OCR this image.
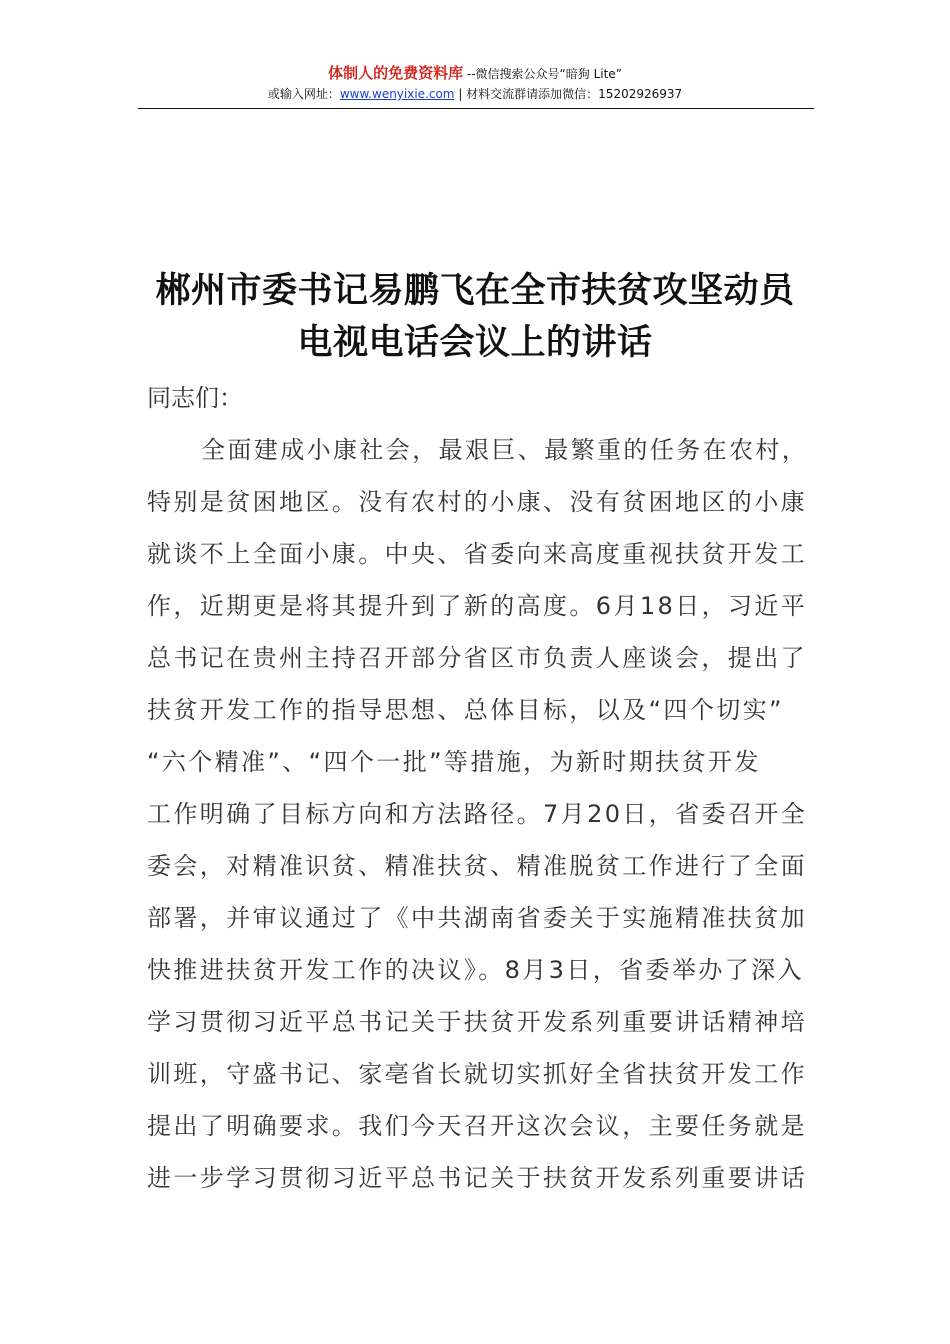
体制人的免费资料库 --微信搜索公众号“暗狗 Lite”
或输入网址：www.wenyixie.com | 材料交流群请添加微信：15202926937
郴州市委书记易鹏飞在全市扶贫攻坚动员
电视电话会议上的讲话
同志们：
全面建成小康社会，最艰巨、最繁重的任务在农村，
特别是贫困地区。没有农村的小康、没有贫困地区的小康
就谈不上全面小康。中央、省委向来高度重视扶贫开发工
作，近期更是将其提升到了新的高度。6月18日，习近平
总书记在贵州主持召开部分省区市负责人座谈会，提出了
扶贫开发工作的指导思想、总体目标，以及“四个切实”
“六个精准”、“四个一批”等措施，为新时期扶贫开发
工作明确了目标方向和方法路径。7月20日，省委召开全
委会，对精准识贫、精准扶贫、精准脱贫工作进行了全面
部署，并审议通过了《中共湖南省委关于实施精准扶贫加
快推进扶贫开发工作的决议》。8月3日，省委举办了深入
学习贯彻习近平总书记关于扶贫开发系列重要讲话精神培
训班，守盛书记、家亳省长就切实抓好全省扶贫开发工作
提出了明确要求。我们今天召开这次会议，主要任务就是
进一步学习贯彻习近平总书记关于扶贫开发系列重要讲话
